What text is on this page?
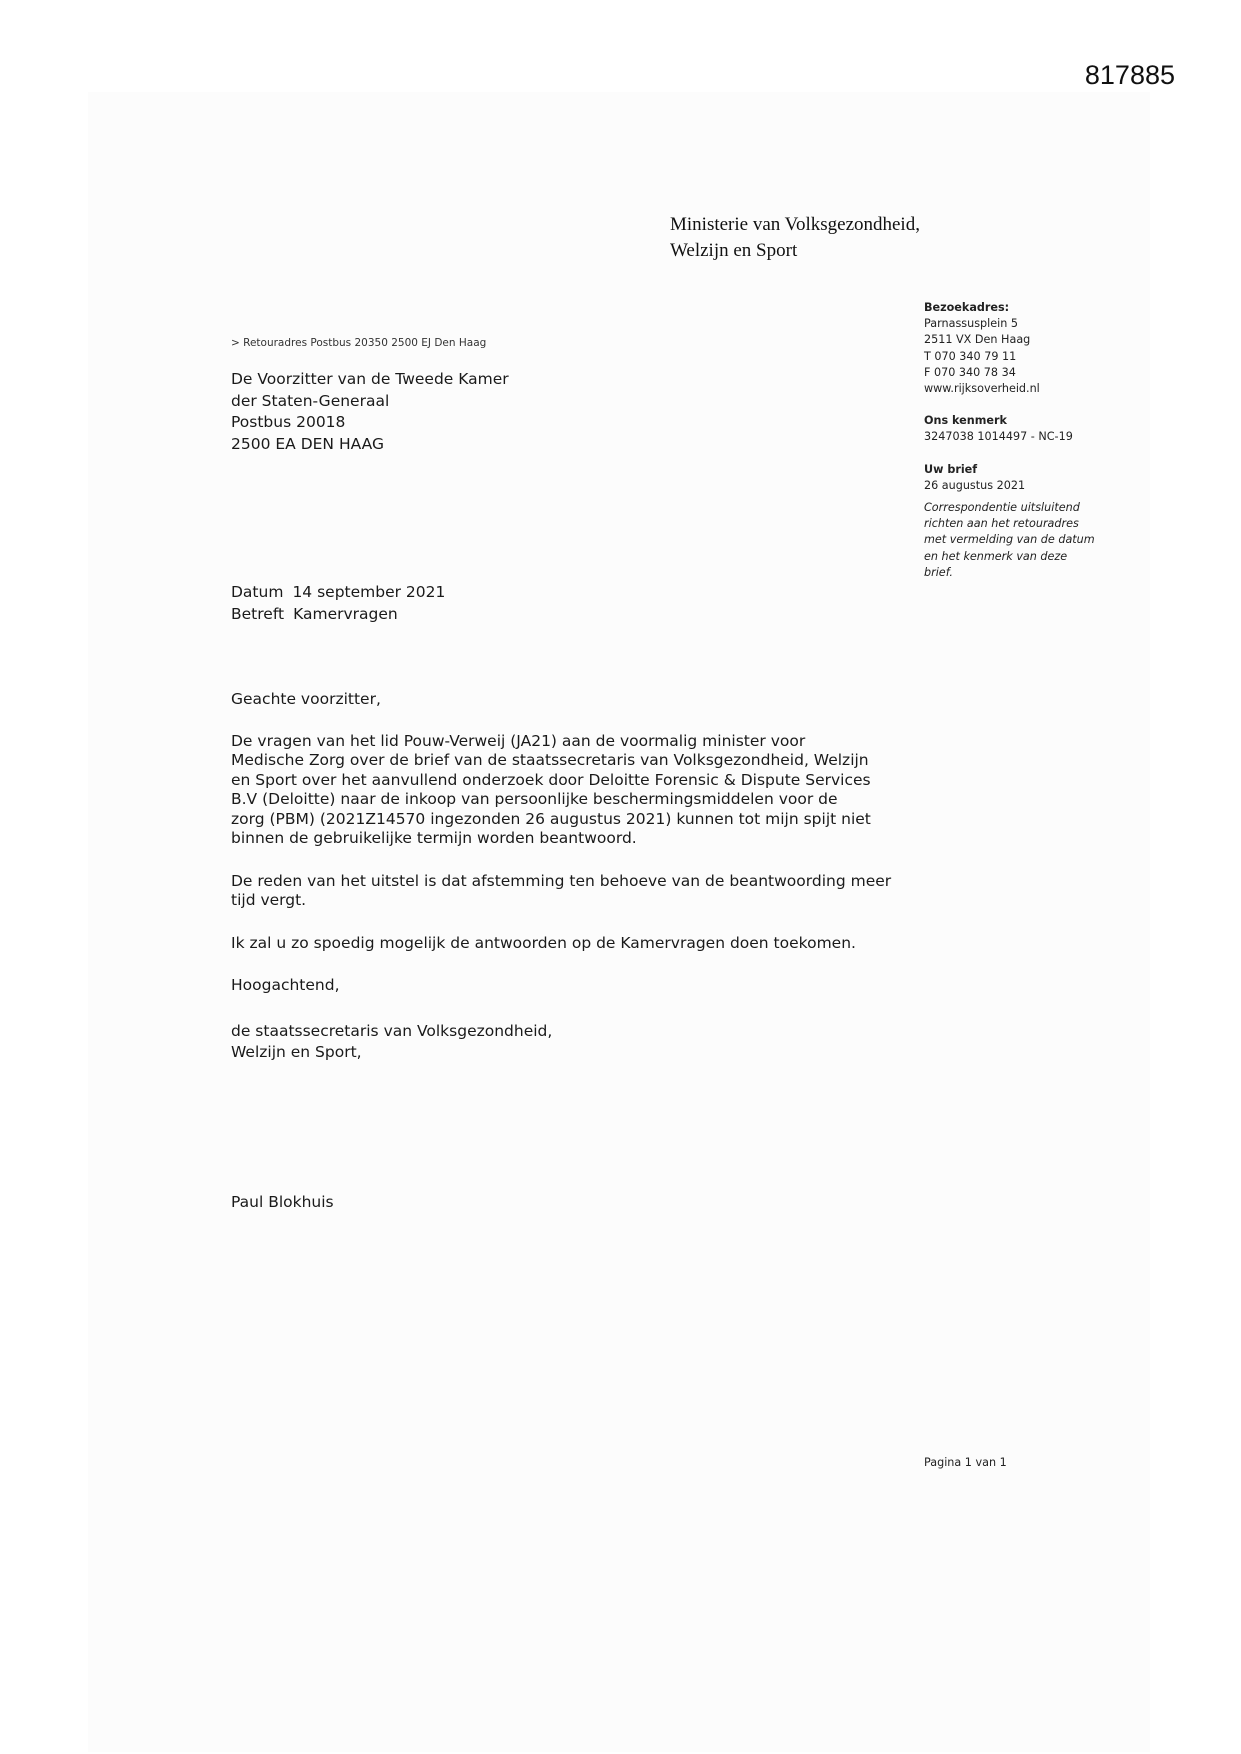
817885
Ministerie van Volksgezondheid,
Welzijn en Sport
Bezoekadres:
Parnassusplein 5
2511 VX Den Haag
T 070 340 79 11
F 070 340 78 34
www.rijksoverheid.nl
Ons kenmerk
3247038 1014497 - NC-19
Uw brief
26 augustus 2021
Correspondentie uitsluitend
richten aan het retouradres
met vermelding van de datum
en het kenmerk van deze
brief.
> Retouradres Postbus 20350 2500 EJ Den Haag
De Voorzitter van de Tweede Kamer
der Staten-Generaal
Postbus 20018
2500 EA DEN HAAG
Datum 14 september 2021
Betreft Kamervragen

Geachte voorzitter,

De vragen van het lid Pouw-Verweij (JA21) aan de voormalig minister voor
Medische Zorg over de brief van de staatssecretaris van Volksgezondheid, Welzijn
en Sport over het aanvullend onderzoek door Deloitte Forensic & Dispute Services
B.V (Deloitte) naar de inkoop van persoonlijke beschermingsmiddelen voor de
zorg (PBM) (2021Z14570 ingezonden 26 augustus 2021) kunnen tot mijn spijt niet
binnen de gebruikelijke termijn worden beantwoord.

De reden van het uitstel is dat afstemming ten behoeve van de beantwoording meer
tijd vergt.

Ik zal u zo spoedig mogelijk de antwoorden op de Kamervragen doen toekomen.

Hoogachtend,

de staatssecretaris van Volksgezondheid,
Welzijn en Sport,
Paul Blokhuis
Pagina 1 van 1
